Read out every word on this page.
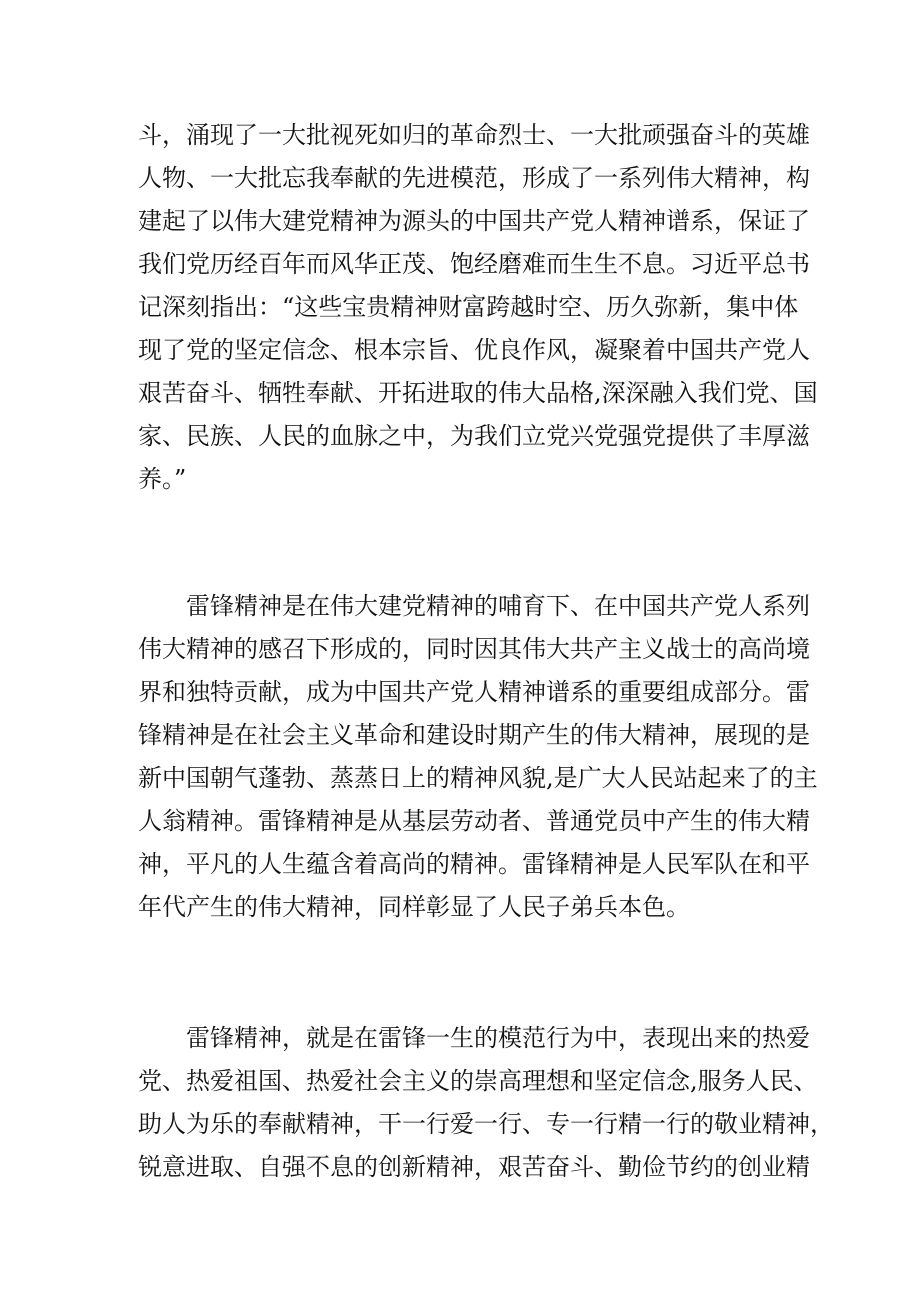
斗，涌现了一大批视死如归的革命烈士、一大批顽强奋斗的英雄
人物、一大批忘我奉献的先进模范，形成了一系列伟大精神，构
建起了以伟大建党精神为源头的中国共产党人精神谱系，保证了
我们党历经百年而风华正茂、饱经磨难而生生不息。习近平总书
记深刻指出：“这些宝贵精神财富跨越时空、历久弥新，集中体
现了党的坚定信念、根本宗旨、优良作风，凝聚着中国共产党人
艰苦奋斗、牺牲奉献、开拓进取的伟大品格,深深融入我们党、国
家、民族、人民的血脉之中，为我们立党兴党强党提供了丰厚滋
养。”
雷锋精神是在伟大建党精神的哺育下、在中国共产党人系列
伟大精神的感召下形成的，同时因其伟大共产主义战士的高尚境
界和独特贡献，成为中国共产党人精神谱系的重要组成部分。雷
锋精神是在社会主义革命和建设时期产生的伟大精神，展现的是
新中国朝气蓬勃、蒸蒸日上的精神风貌,是广大人民站起来了的主
人翁精神。雷锋精神是从基层劳动者、普通党员中产生的伟大精
神，平凡的人生蕴含着高尚的精神。雷锋精神是人民军队在和平
年代产生的伟大精神，同样彰显了人民子弟兵本色。
雷锋精神，就是在雷锋一生的模范行为中，表现出来的热爱
党、热爱祖国、热爱社会主义的崇高理想和坚定信念,服务人民、
助人为乐的奉献精神，干一行爱一行、专一行精一行的敬业精神，
锐意进取、自强不息的创新精神，艰苦奋斗、勤俭节约的创业精
